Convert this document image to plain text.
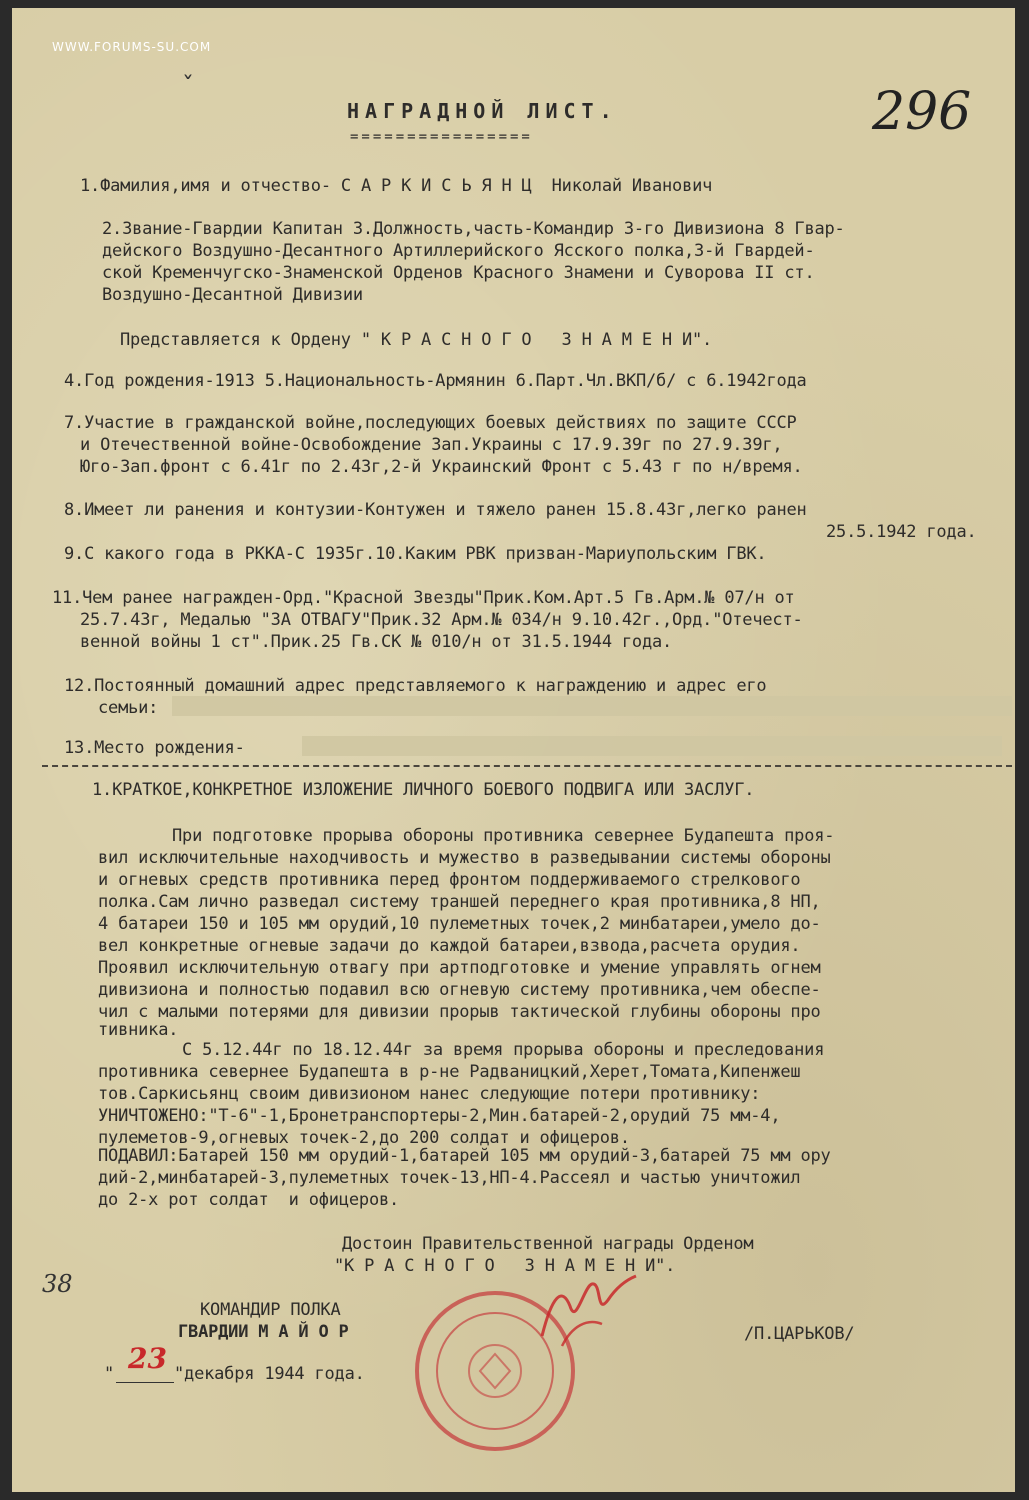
WWW.FORUMS-SU.COM
ˇ	296
НАГРАДНОЙ ЛИСТ.
================
1.Фамилия,имя и отчество- С А Р К И С Ь Я Н Ц  Николай Иванович
2.Звание-Гвардии Капитан 3.Должность,часть-Командир 3-го Дивизиона 8 Гвар-
дейского Воздушно-Десантного Артиллерийского Ясского полка,3-й Гвардей-
ской Кременчугско-Знаменской Орденов Красного Знамени и Суворова II ст.
Воздушно-Десантной Дивизии
Представляется к Ордену " К Р А С Н О Г О   З Н А М Е Н И".
4.Год рождения-1913 5.Национальность-Армянин 6.Парт.Чл.ВКП/б/ с 6.1942года
7.Участие в гражданской войне,последующих боевых действиях по защите СССР
и Отечественной войне-Освобождение Зап.Украины с 17.9.39г по 27.9.39г,
Юго-Зап.фронт с 6.41г по 2.43г,2-й Украинский Фронт с 5.43 г по н/время.
8.Имеет ли ранения и контузии-Контужен и тяжело ранен 15.8.43г,легко ранен
25.5.1942 года.
9.С какого года в РККА-С 1935г.10.Каким РВК призван-Мариупольским ГВК.
11.Чем ранее награжден-Орд."Красной Звезды"Прик.Ком.Арт.5 Гв.Арм.№ 07/н от
25.7.43г, Медалью "ЗА ОТВАГУ"Прик.32 Арм.№ 034/н 9.10.42г.,Орд."Отечест-
венной войны 1 ст".Прик.25 Гв.СК № 010/н от 31.5.1944 года.
12.Постоянный домашний адрес представляемого к награждению и адрес его
семьи:
13.Место рождения-
1.КРАТКОЕ,КОНКРЕТНОЕ ИЗЛОЖЕНИЕ ЛИЧНОГО БОЕВОГО ПОДВИГА ИЛИ ЗАСЛУГ.
При подготовке прорыва обороны противника севернее Будапешта проя-
вил исключительные находчивость и мужество в разведывании системы обороны
и огневых средств противника перед фронтом поддерживаемого стрелкового
полка.Сам лично разведал систему траншей переднего края противника,8 НП,
4 батареи 150 и 105 мм орудий,10 пулеметных точек,2 минбатареи,умело до-
вел конкретные огневые задачи до каждой батареи,взвода,расчета орудия.
Проявил исключительную отвагу при артподготовке и умение управлять огнем
дивизиона и полностью подавил всю огневую систему противника,чем обеспе-
чил с малыми потерями для дивизии прорыв тактической глубины обороны про
тивника.
С 5.12.44г по 18.12.44г за время прорыва обороны и преследования
противника севернее Будапешта в р-не Радваницкий,Херет,Томата,Кипенжеш
тов.Саркисьянц своим дивизионом нанес следующие потери противнику:
УНИЧТОЖЕНО:"Т-6"-1,Бронетранспортеры-2,Мин.батарей-2,орудий 75 мм-4,
пулеметов-9,огневых точек-2,до 200 солдат и офицеров.
ПОДАВИЛ:Батарей 150 мм орудий-1,батарей 105 мм орудий-3,батарей 75 мм ору
дий-2,минбатарей-3,пулеметных точек-13,НП-4.Рассеял и частью уничтожил
до 2-х рот солдат  и офицеров.
Достоин Правительственной награды Орденом
"К Р А С Н О Г О   З Н А М Е Н И".
38
КОМАНДИР ПОЛКА
ГВАРДИИ М А Й О Р	/П.ЦАРЬКОВ/
23
"	"декабря 1944 года.
